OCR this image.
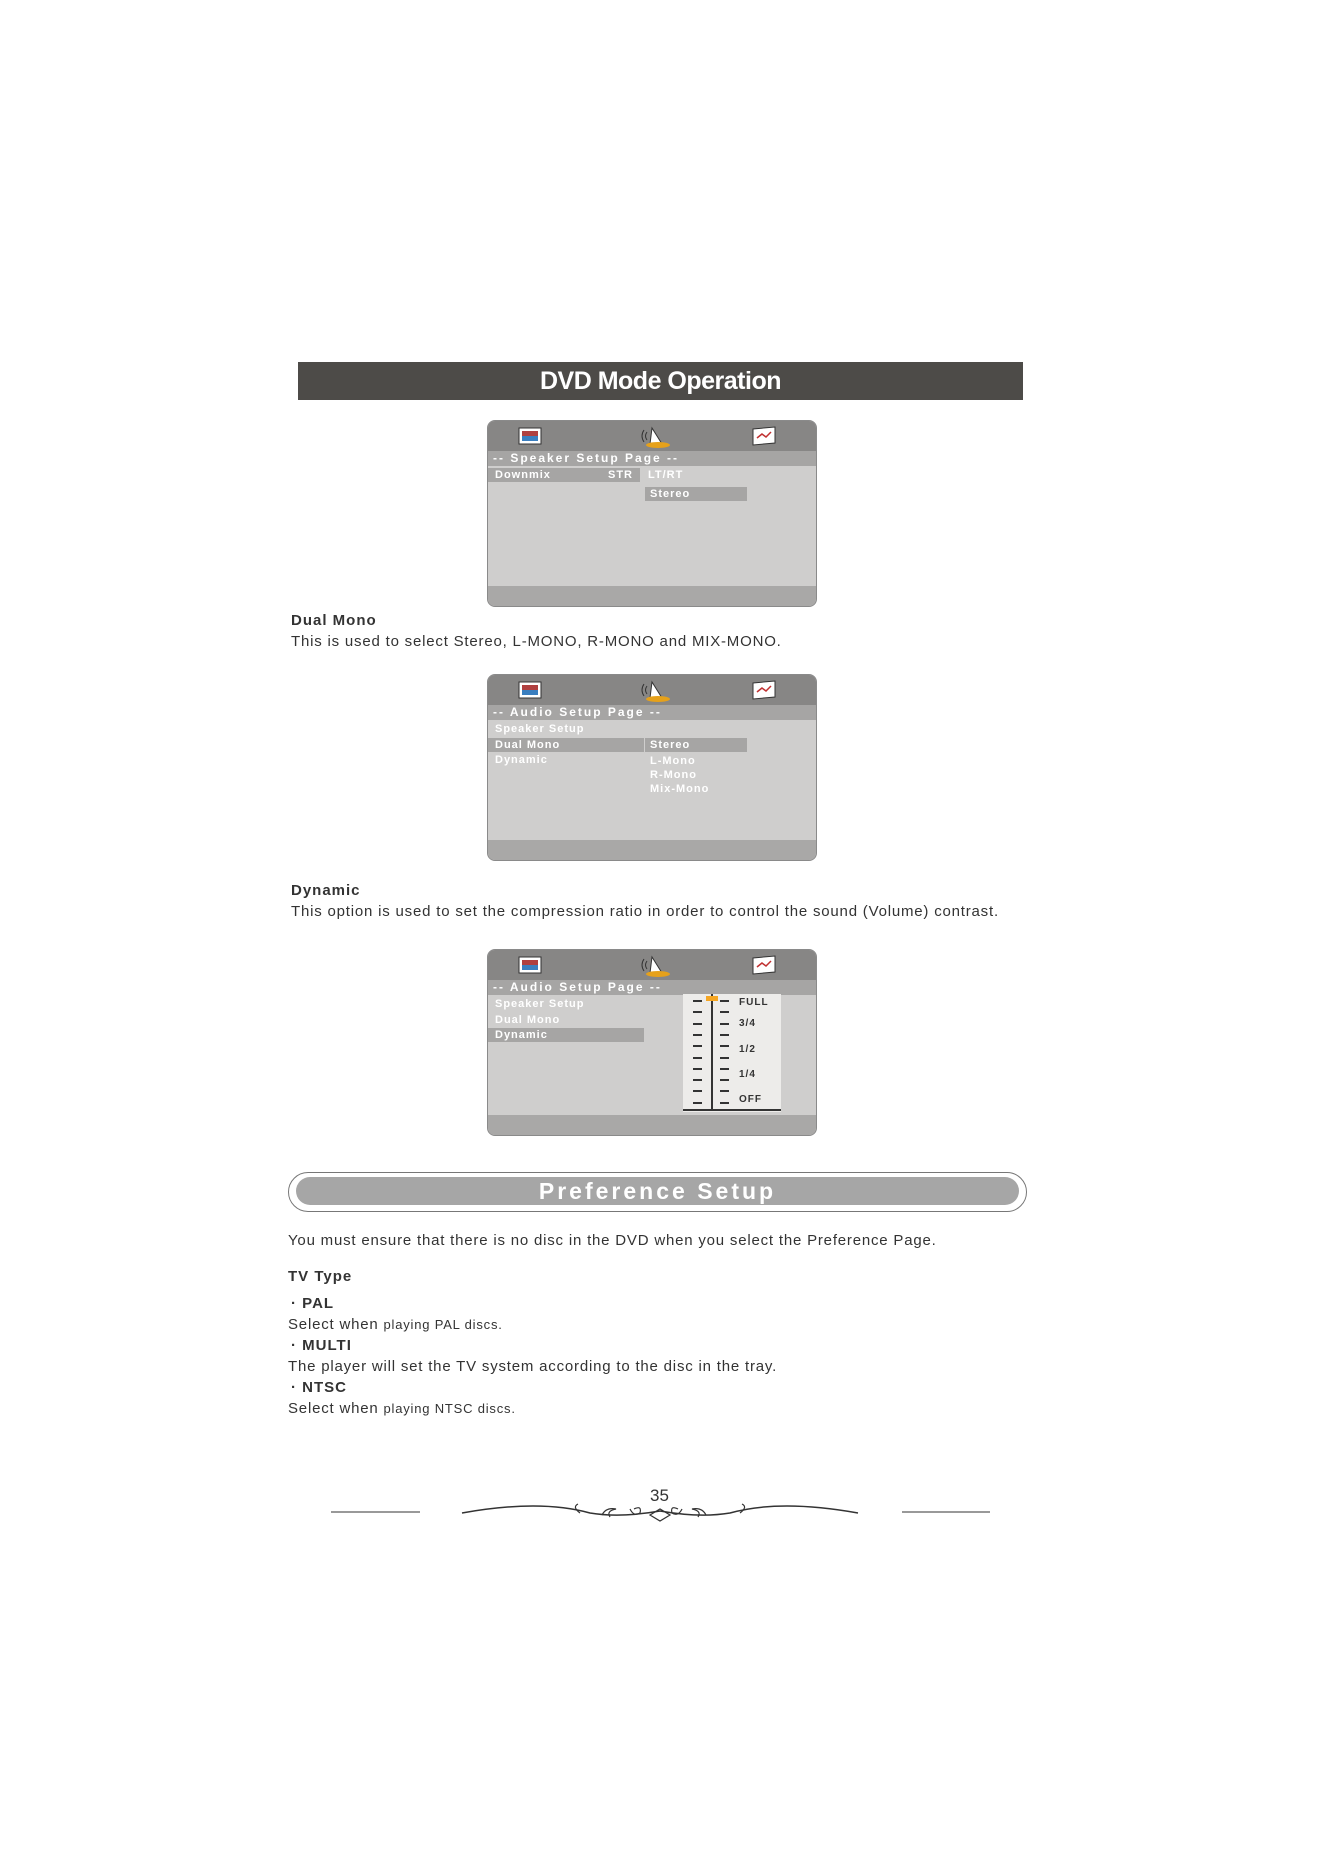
DVD Mode Operation
-- Speaker Setup Page --
Downmix	STR LT/RT
Stereo
Dual Mono
This is used to select Stereo, L-MONO, R-MONO and MIX-MONO.
-- Audio Setup Page --
Speaker Setup
Dual Mono
Dynamic
Stereo
L-Mono
R-Mono
Mix-Mono
Dynamic
This option is used to set the compression ratio in order to control the sound (Volume) contrast.
-- Audio Setup Page --
Speaker Setup
Dual Mono
Dynamic
FULL
3/4
1/2
1/4
OFF
Preference Setup
You must ensure that there is no disc in the DVD when you select the Preference Page.
TV Type
· PAL
Select when playing PAL discs.
· MULTI
The player will set the TV system according to the disc in the tray.
· NTSC
Select when playing NTSC discs.
35
